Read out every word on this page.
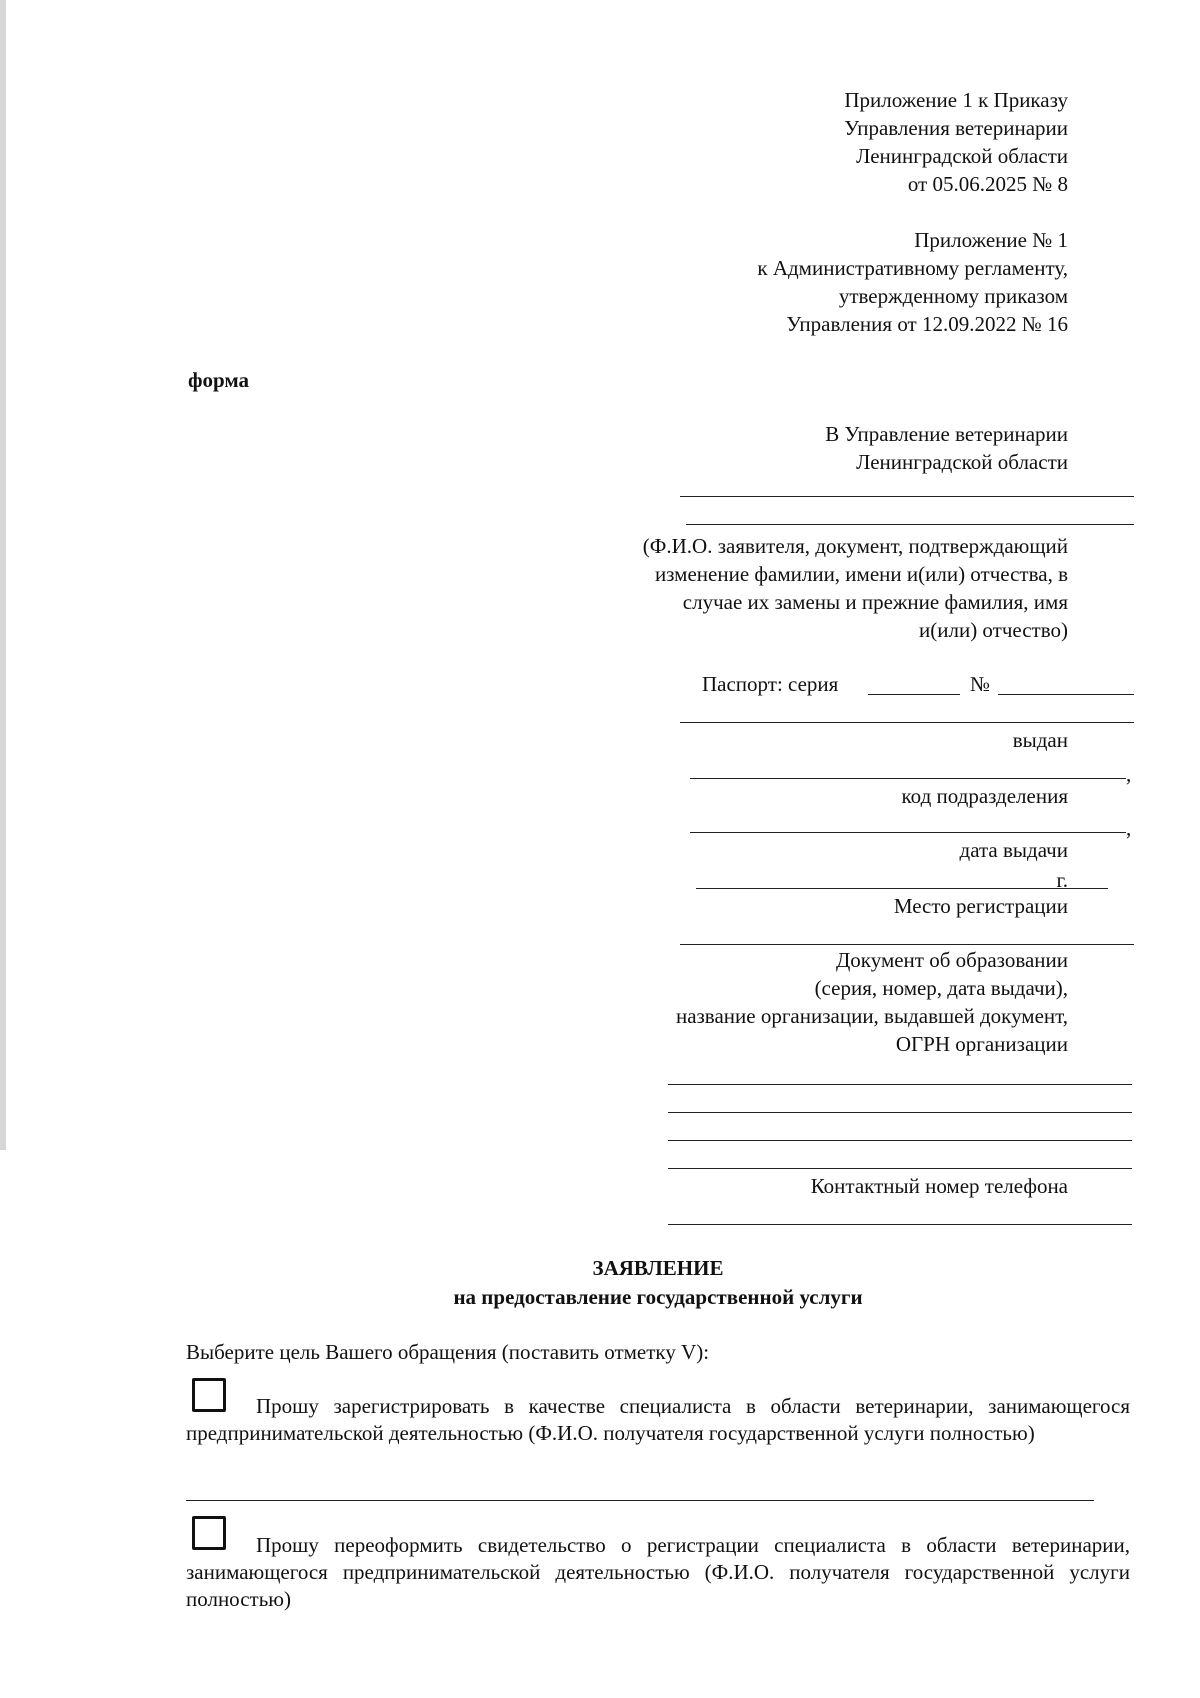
Приложение 1 к Приказу
Управления ветеринарии
Ленинградской области
от 05.06.2025 № 8
Приложение № 1
к Административному регламенту,
утвержденному приказом
Управления от 12.09.2022 № 16
форма
В Управление ветеринарии
Ленинградской области
(Ф.И.О. заявителя, документ, подтверждающий
изменение фамилии, имени и(или) отчества, в
случае их замены и прежние фамилия, имя
и(или) отчество)
Паспорт: серия	№
выдан
,
код подразделения
,
дата выдачи
г.
Место регистрации
Документ об образовании
(серия, номер, дата выдачи),
название организации, выдавшей документ,
ОГРН организации
Контактный номер телефона
ЗАЯВЛЕНИЕ
на предоставление государственной услуги
Выберите цель Вашего обращения (поставить отметку V):
Прошу зарегистрировать в качестве специалиста в области ветеринарии, занимающегося предпринимательской деятельностью (Ф.И.О. получателя государственной услуги полностью)
Прошу переоформить свидетельство о регистрации специалиста в области ветеринарии, занимающегося предпринимательской деятельностью (Ф.И.О. получателя государственной услуги полностью)
